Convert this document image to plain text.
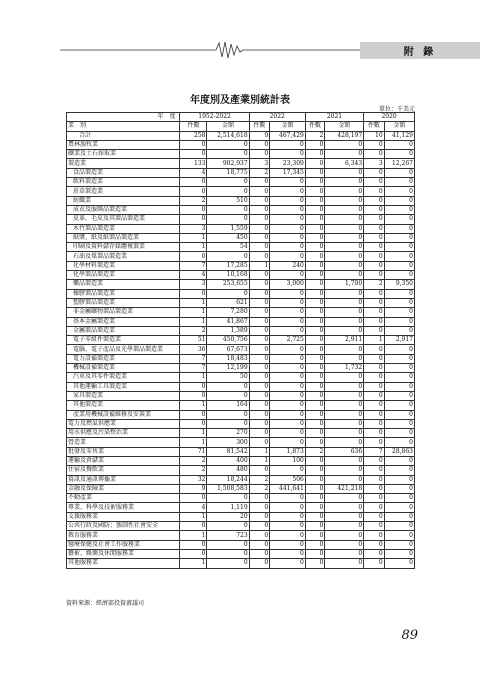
附 錄
年度別及產業別統計表
單位：千美元
年　度	1952-2022		2022		2021		2020	
業　別	件數	金額	件數	金額	件數	金額	件數	金額
合計	258	2,514,618	9	467,429	2	428,197	10	41,129
農林漁牧業	0	0	0	0	0	0	0	0
礦業及土石採取業	0	0	0	0	0	0	0	0
製造業	133	902,937	3	23,309	0	6,343	3	12,267
食品製造業	4	18,775	2	17,345	0	0	0	0
飲料製造業	0	0	0	0	0	0	0	0
菸草製造業	0	0	0	0	0	0	0	0
紡織業	2	510	0	0	0	0	0	0
成衣及服飾品製造業	0	0	0	0	0	0	0	0
皮革、毛皮及其製品製造業	0	0	0	0	0	0	0	0
木竹製品製造業	3	1,559	0	0	0	0	0	0
紙漿、紙及紙製品製造業	1	450	0	0	0	0	0	0
印刷及資料儲存媒體複製業	1	54	0	0	0	0	0	0
石油及煤製品製造業	0	0	0	0	0	0	0	0
化學材料製造業	7	17,285	1	240	0	0	0	0
化學製品製造業	4	10,168	0	0	0	0	0	0
藥品製造業	3	253,655	0	3,000	0	1,700	2	9,350
橡膠製品製造業	0	0	0	0	0	0	0	0
塑膠製品製造業	1	621	0	0	0	0	0	0
非金屬礦物製品製造業	1	7,280	0	0	0	0	0	0
基本金屬製造業	1	41,867	0	0	0	0	0	0
金屬製品製造業	2	1,389	0	0	0	0	0	0
電子零組件製造業	51	450,756	0	2,725	0	2,911	1	2,917
電腦、電子產品及光學製品製造業	36	67,673	0	0	0	0	0	0
電力設備製造業	7	18,483	0	0	0	0	0	0
機械設備製造業	7	12,199	0	0	0	1,732	0	0
汽車及其零件製造業	1	50	0	0	0	0	0	0
其他運輸工具製造業	0	0	0	0	0	0	0	0
家具製造業	0	0	0	0	0	0	0	0
其他製造業	1	164	0	0	0	0	0	0
產業用機械設備維修及安裝業	0	0	0	0	0	0	0	0
電力及燃氣供應業	0	0	0	0	0	0	0	0
用水供應及污染整治業	1	270	0	0	0	0	0	0
營造業	1	300	0	0	0	0	0	0
批發及零售業	71	81,542	1	1,873	2	636	7	28,863
運輸及倉儲業	2	400	1	100	0	0	0	0
住宿及餐飲業	2	480	0	0	0	0	0	0
資訊及通訊傳播業	32	18,244	2	506	0	0	0	0
金融及保險業	9	1,508,583	2	441,641	0	421,218	0	0
不動產業	0	0	0	0	0	0	0	0
專業、科學及技術服務業	4	1,119	0	0	0	0	0	0
支援服務業	1	20	0	0	0	0	0	0
公共行政及國防；強制性社會安全	0	0	0	0	0	0	0	0
教育服務業	1	723	0	0	0	0	0	0
醫療保健及社會工作服務業	0	0	0	0	0	0	0	0
藝術、娛樂及休閒服務業	0	0	0	0	0	0	0	0
其他服務業	1	0	0	0	0	0	0	0
資料來源：經濟部投資審議司
89
